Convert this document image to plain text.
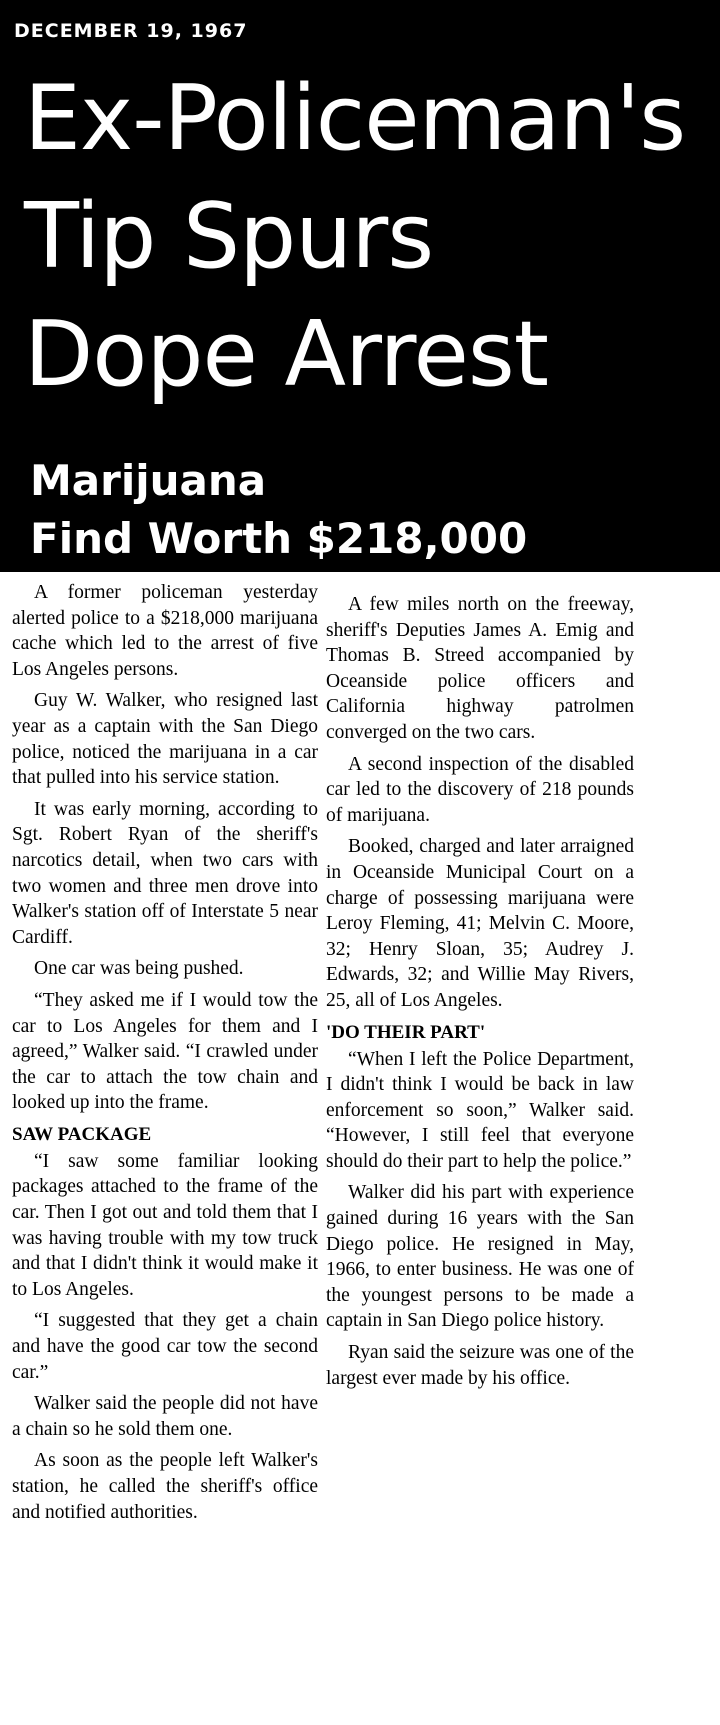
DECEMBER 19, 1967
Ex-Policeman's
Tip Spurs
Dope Arrest
Marijuana
Find Worth $218,000

A former policeman yesterday alerted police to a $218,000 marijuana cache which led to the arrest of five Los Angeles persons.

Guy W. Walker, who resigned last year as a captain with the San Diego police, noticed the marijuana in a car that pulled into his service station.

It was early morning, according to Sgt. Robert Ryan of the sheriff's narcotics detail, when two cars with two women and three men drove into Walker's station off of Interstate 5 near Cardiff.

One car was being pushed.

“They asked me if I would tow the car to Los Angeles for them and I agreed,” Walker said. “I crawled under the car to attach the tow chain and looked up into the frame.

SAW PACKAGE

“I saw some familiar looking packages attached to the frame of the car. Then I got out and told them that I was having trouble with my tow truck and that I didn't think it would make it to Los Angeles.

“I suggested that they get a chain and have the good car tow the second car.”

Walker said the people did not have a chain so he sold them one.

As soon as the people left Walker's station, he called the sheriff's office and notified authorities.

A few miles north on the freeway, sheriff's Deputies James A. Emig and Thomas B. Streed accompanied by Oceanside police officers and California highway patrolmen converged on the two cars.

A second inspection of the disabled car led to the discovery of 218 pounds of marijuana.

Booked, charged and later arraigned in Oceanside Municipal Court on a charge of possessing marijuana were Leroy Fleming, 41; Melvin C. Moore, 32; Henry Sloan, 35; Audrey J. Edwards, 32; and Willie May Rivers, 25, all of Los Angeles.

'DO THEIR PART'

“When I left the Police Department, I didn't think I would be back in law enforcement so soon,” Walker said. “However, I still feel that everyone should do their part to help the police.”

Walker did his part with experience gained during 16 years with the San Diego police. He resigned in May, 1966, to enter business. He was one of the youngest persons to be made a captain in San Diego police history.

Ryan said the seizure was one of the largest ever made by his office.
